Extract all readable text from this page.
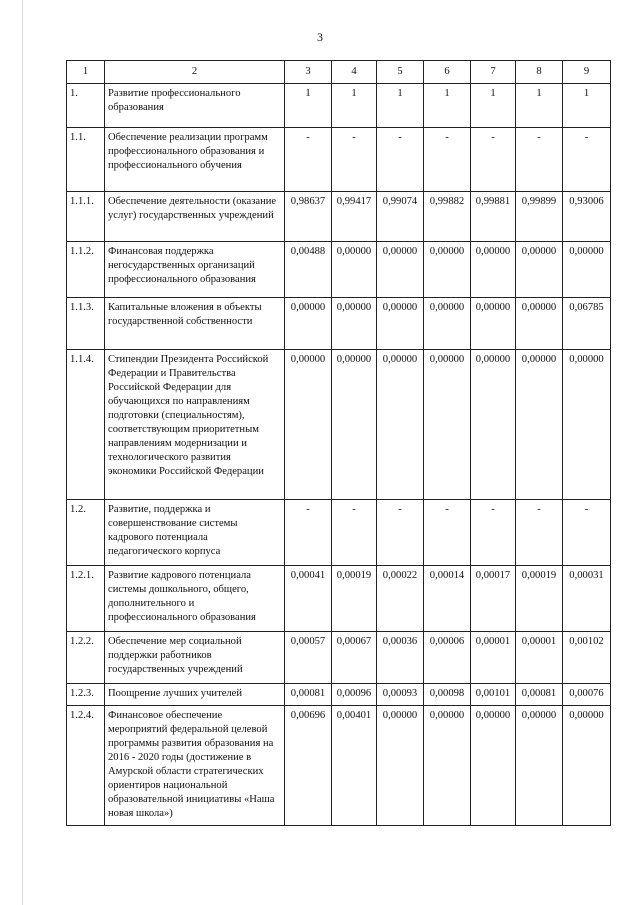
3
1	2	3	4	5	6	7	8	9
1.	Развитие профессионального образования	1	1	1	1	1	1	1
1.1.	Обеспечение реализации программ профессионального образования и профессионального обучения	-	-	-	-	-	-	-
1.1.1.	Обеспечение деятельности (оказание услуг) государственных учреждений	0,98637	0,99417	0,99074	0,99882	0,99881	0,99899	0,93006
1.1.2.	Финансовая поддержка негосударственных организаций профессионального образования	0,00488	0,00000	0,00000	0,00000	0,00000	0,00000	0,00000
1.1.3.	Капитальные вложения в объекты государственной собственности	0,00000	0,00000	0,00000	0,00000	0,00000	0,00000	0,06785
1.1.4.	Стипендии Президента Российской Федерации и Правительства Российской Федерации для обучающихся по направлениям подготовки (специальностям), соответствующим приоритетным направлениям модернизации и технологического развития экономики Российской Федерации	0,00000	0,00000	0,00000	0,00000	0,00000	0,00000	0,00000
1.2.	Развитие, поддержка и совершенствование системы кадрового потенциала педагогического корпуса	-	-	-	-	-	-	-
1.2.1.	Развитие кадрового потенциала системы дошкольного, общего, дополнительного и профессионального образования	0,00041	0,00019	0,00022	0,00014	0,00017	0,00019	0,00031
1.2.2.	Обеспечение мер социальной поддержки работников государственных учреждений	0,00057	0,00067	0,00036	0,00006	0,00001	0,00001	0,00102
1.2.3.	Поощрение лучших учителей	0,00081	0,00096	0,00093	0,00098	0,00101	0,00081	0,00076
1.2.4.	Финансовое обеспечение мероприятий федеральной целевой программы развития образования на 2016 - 2020 годы (достижение в Амурской области стратегических ориентиров национальной образовательной инициативы «Наша новая школа»)	0,00696	0,00401	0,00000	0,00000	0,00000	0,00000	0,00000
